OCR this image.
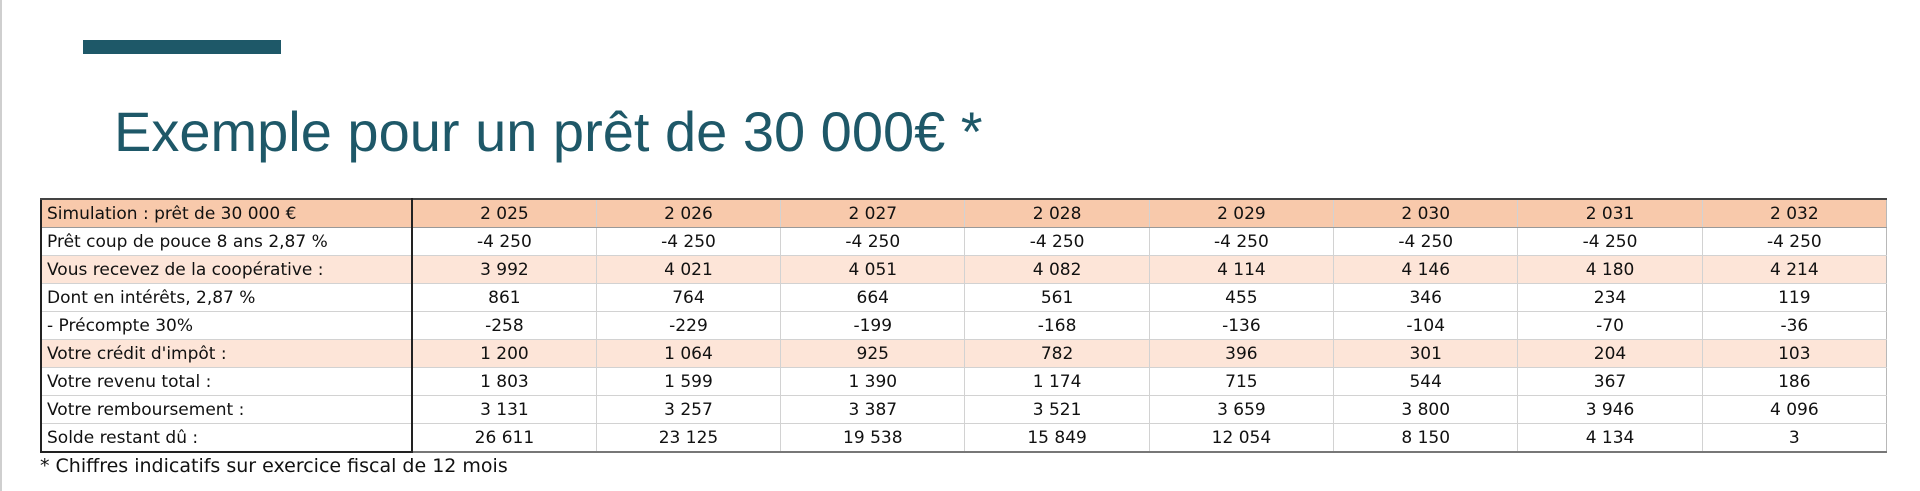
Exemple pour un prêt de 30 000€ *
Simulation : prêt de 30 000 €	2 025	2 026	2 027	2 028	2 029	2 030	2 031	2 032
Prêt coup de pouce 8 ans 2,87 %	-4 250	-4 250	-4 250	-4 250	-4 250	-4 250	-4 250	-4 250
Vous recevez de la coopérative :	3 992	4 021	4 051	4 082	4 114	4 146	4 180	4 214
Dont en intérêts, 2,87 %	861	764	664	561	455	346	234	119
- Précompte 30%	-258	-229	-199	-168	-136	-104	-70	-36
Votre crédit d'impôt :	1 200	1 064	925	782	396	301	204	103
Votre revenu total :	1 803	1 599	1 390	1 174	715	544	367	186
Votre remboursement :	3 131	3 257	3 387	3 521	3 659	3 800	3 946	4 096
Solde restant dû :	26 611	23 125	19 538	15 849	12 054	8 150	4 134	3
* Chiffres indicatifs sur exercice fiscal de 12 mois
